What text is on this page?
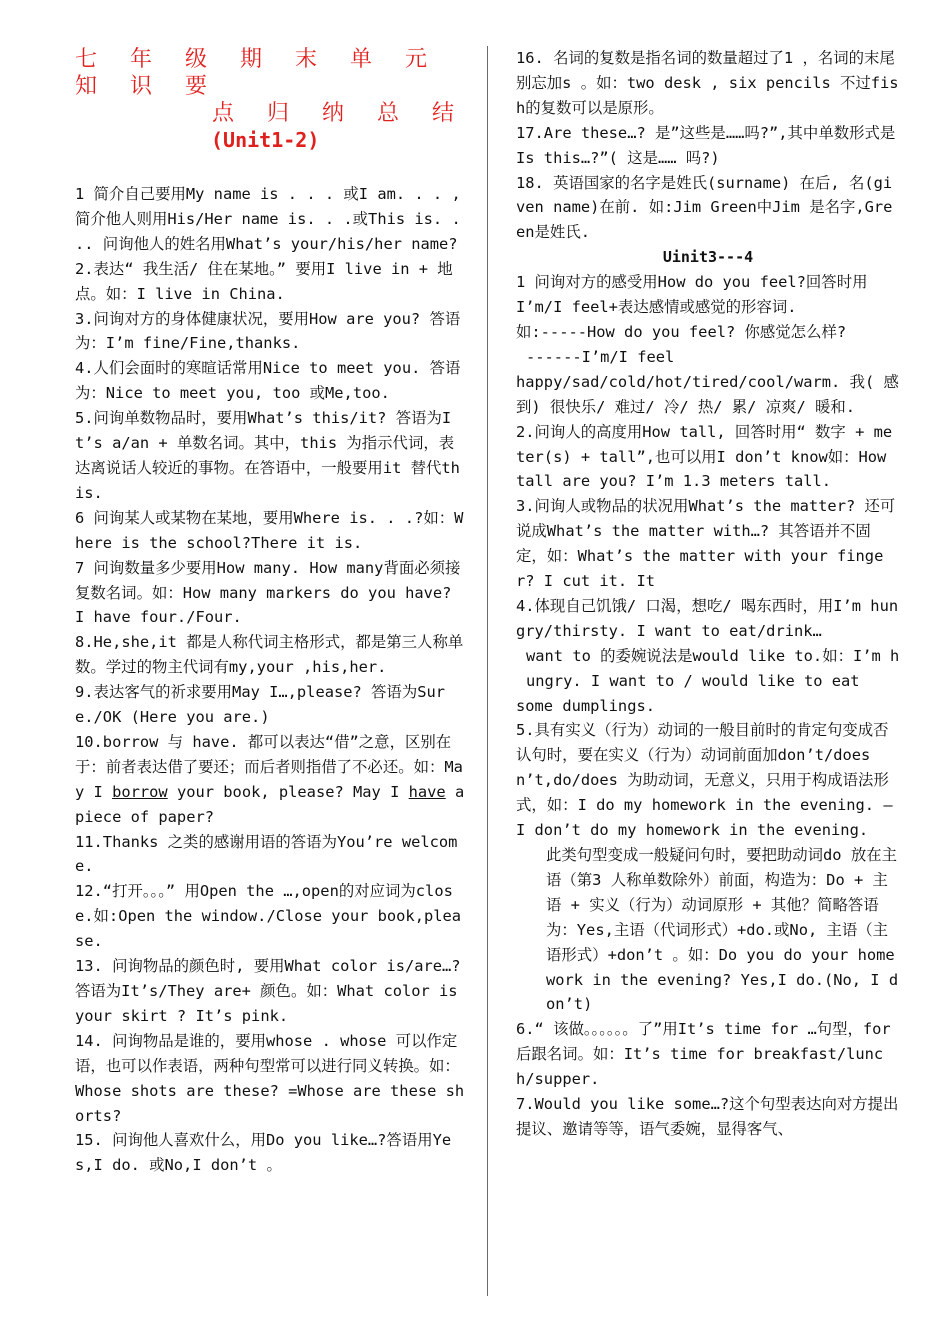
七 年 级 期 末 单 元 知 识 要

点 归 纳 总 结

(Unit1-2)

1 简介自己要用My name is . . . 或I am. . . , 简介他人则用His/Her name is. . .或This is. . .. 问询他人的姓名用What’s your/his/her name?

2.表达“ 我生活/ 住在某地。” 要用I live in + 地点。如：I live in China.

3.问询对方的身体健康状况，要用How are you? 答语为：I’m fine/Fine,thanks.

4.人们会面时的寒暄话常用Nice to meet you. 答语为：Nice to meet you, too 或Me,too.

5.问询单数物品时，要用What’s this/it? 答语为It’s a/an + 单数名词。其中，this 为指示代词，表达离说话人较近的事物。在答语中，一般要用it 替代this.

6 问询某人或某物在某地，要用Where is. . .?如：Where is the school?There it is.

7 问询数量多少要用How many. How many背面必须接复数名词。如：How many markers do you have? I have four./Four.

8.He,she,it 都是人称代词主格形式，都是第三人称单数。学过的物主代词有my,your ,his,her.

9.表达客气的祈求要用May I…,please? 答语为Sure./OK (Here you are.)

10.borrow 与 have. 都可以表达“借”之意，区别在于：前者表达借了要还；而后者则指借了不必还。如：May I borrow your book, please? May I have a piece of paper?

11.Thanks 之类的感谢用语的答语为You’re welcome.

12.“打开。。。” 用Open the …,open的对应词为close.如:Open the window./Close your book,please.

13. 问询物品的颜色时, 要用What color is/are…? 答语为It’s/They are+ 颜色。如：What color is your skirt ? It’s pink.

14. 问询物品是谁的，要用whose . whose 可以作定语，也可以作表语，两种句型常可以进行同义转换。如：Whose shots are these? =Whose are these shorts?

15. 问询他人喜欢什么，用Do you like…?答语用Yes,I do. 或No,I don’t 。

16. 名词的复数是指名词的数量超过了1 ，名词的末尾别忘加s 。如：two desk , six pencils 不过fish的复数可以是原形。

17.Are these…? 是”这些是……吗?”,其中单数形式是Is this…?”( 这是…… 吗?)

18. 英语国家的名字是姓氏(surname) 在后, 名(given name)在前. 如:Jim Green中Jim 是名字,Green是姓氏.

Uinit3---4

1 问询对方的感受用How do you feel?回答时用I’m/I feel+表达感情或感觉的形容词.

如:-----How do you feel? 你感觉怎么样?

------I’m/I feel

happy/sad/cold/hot/tired/cool/warm. 我( 感到) 很快乐/ 难过/ 冷/ 热/ 累/ 凉爽/ 暖和.

2.问询人的高度用How tall, 回答时用“ 数字 + meter(s) + tall”,也可以用I don’t know如：How tall are you? I’m 1.3 meters tall.

3.问询人或物品的状况用What’s the matter? 还可说成What’s the matter with…? 其答语并不固定，如：What’s the matter with your finger? I cut it. It

4.体现自己饥饿/ 口渴，想吃/ 喝东西时，用I’m hungry/thirsty. I want to eat/drink…

want to 的委婉说法是would like to.如：I’m hungry. I want to / would like to eat

some dumplings.

5.具有实义（行为）动词的一般目前时的肯定句变成否认句时，要在实义（行为）动词前面加don’t/doesn’t,do/does 为助动词，无意义，只用于构成语法形式，如：I do my homework in the evening. — I don’t do my homework in the evening.

此类句型变成一般疑问句时，要把助动词do 放在主语（第3 人称单数除外）前面，构造为：Do + 主语 + 实义（行为）动词原形 + 其他？简略答语为：Yes,主语（代词形式）+do.或No, 主语（主语形式）+don’t 。如：Do you do your homework in the evening? Yes,I do.(No, I don’t)

6.“ 该做。。。。。。了”用It’s time for …句型，for 后跟名词。如：It’s time for breakfast/lunch/supper.

7.Would you like some…?这个句型表达向对方提出提议、邀请等等，语气委婉，显得客气、
